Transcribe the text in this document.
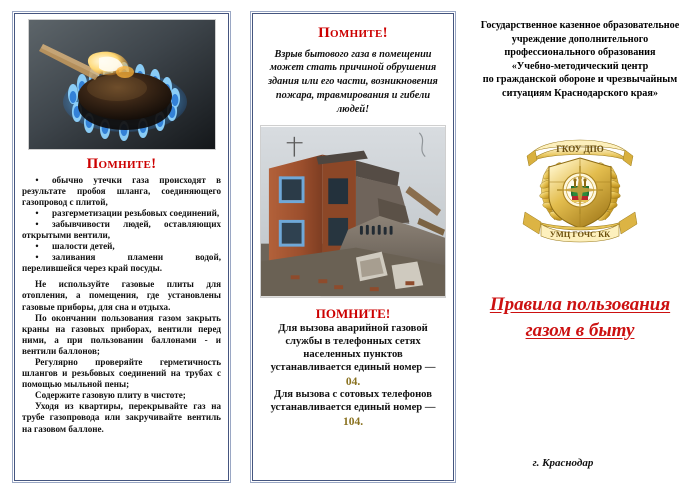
Помните!

• обычно утечки газа происходят в результате пробоя шланга, соединяющего газопровод с плитой,

• разгерметизации резьбовых соединений,

• забывчивости людей, оставляющих открытыми вентили,

• шалости детей,

• заливания пламени водой, перелившейся через край посуды.

Не используйте газовые плиты для отопления, а помещения, где установлены газовые приборы, для сна и отдыха.

По окончании пользования газом закрыть краны на газовых приборах, вентили перед ними, а при пользовании баллонами - и вентили баллонов;

Регулярно проверяйте герметичность шлангов и резьбовых соединений на трубах с помощью мыльной пены;

Содержите газовую плиту в чистоте;

Уходя из квартиры, перекрывайте газ на трубе газопровода или закручивайте вентиль на газовом баллоне.

Помните!
Взрыв бытового газа в помещении может стать причиной обрушения здания или его части, возникновения пожара, травмирования и гибели людей!
ПОМНИТЕ!

Для вызова аварийной газовой

службы в телефонных сетях

населенных пунктов

устанавливается единый номер —

04.

Для вызова с сотовых телефонов

устанавливается единый номер —

104.

Государственное казенное образовательное
учреждение дополнительного
профессионального образования
«Учебно-методический центр
по гражданской обороне и чрезвычайным
ситуациям Краснодарского края»
ГКОУ ДПО
УМЦ ГОЧС КК
Правила пользования
газом в быту
г. Краснодар
